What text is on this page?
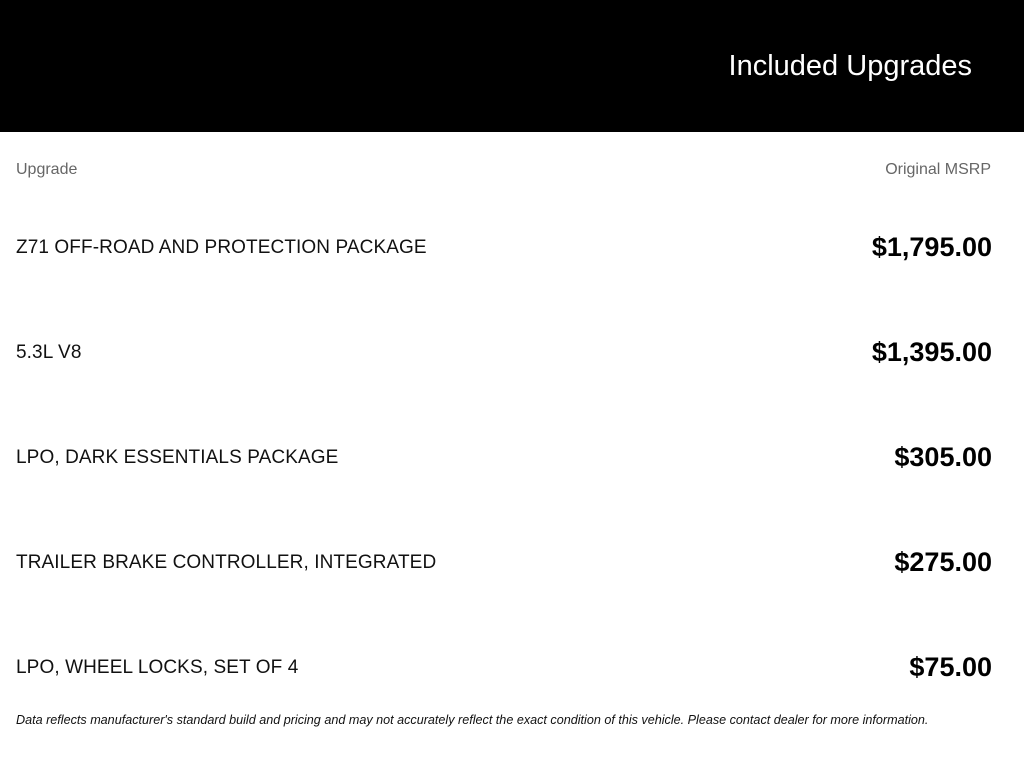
Included Upgrades
Upgrade	Original MSRP
Z71 OFF-ROAD AND PROTECTION PACKAGE	$1,795.00
5.3L V8	$1,395.00
LPO, DARK ESSENTIALS PACKAGE	$305.00
TRAILER BRAKE CONTROLLER, INTEGRATED	$275.00
LPO, WHEEL LOCKS, SET OF 4	$75.00
Data reflects manufacturer's standard build and pricing and may not accurately reflect the exact condition of this vehicle. Please contact dealer for more information.
